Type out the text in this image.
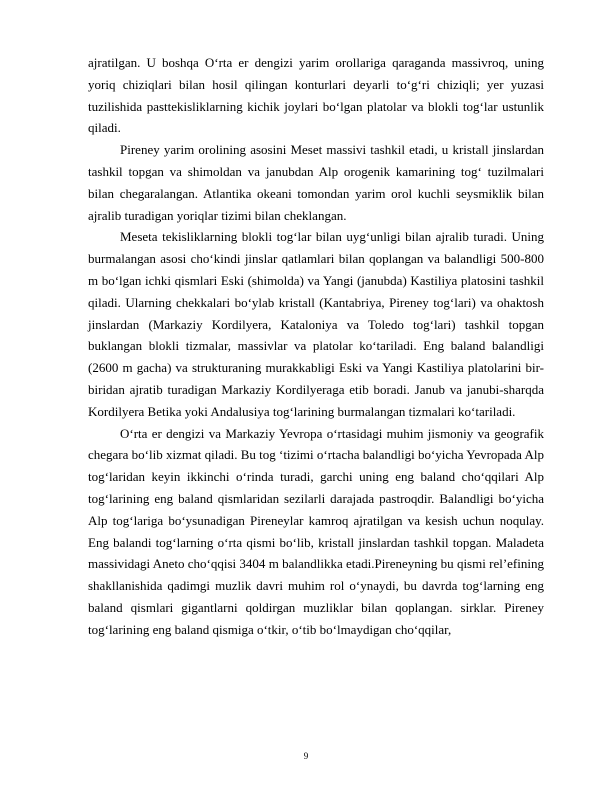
ajratilgan. U boshqa O‘rta er dengizi yarim orollariga qaraganda massivroq, uning yoriq chiziqlari bilan hosil qilingan konturlari deyarli to‘g‘ri chiziqli; yer yuzasi tuzilishida pasttekisliklarning kichik joylari bo‘lgan platolar va blokli tog‘lar ustunlik qiladi.

Pireney yarim orolining asosini Meset massivi tashkil etadi, u kristall jinslardan tashkil topgan va shimoldan va janubdan Alp orogenik kamarining tog‘ tuzilmalari bilan chegaralangan. Atlantika okeani tomondan yarim orol kuchli seysmiklik bilan ajralib turadigan yoriqlar tizimi bilan cheklangan.

Meseta tekisliklarning blokli tog‘lar bilan uyg‘unligi bilan ajralib turadi. Uning burmalangan asosi cho‘kindi jinslar qatlamlari bilan qoplangan va balandligi 500-800 m bo‘lgan ichki qismlari Eski (shimolda) va Yangi (janubda) Kastiliya platosini tashkil qiladi. Ularning chekkalari bo‘ylab kristall (Kantabriya, Pireney tog‘lari) va ohaktosh jinslardan (Markaziy Kordilyera, Kataloniya va Toledo tog‘lari) tashkil topgan buklangan blokli tizmalar, massivlar va platolar ko‘tariladi. Eng baland balandligi (2600 m gacha) va strukturaning murakkabligi Eski va Yangi Kastiliya platolarini bir-biridan ajratib turadigan Markaziy Kordilyeraga etib boradi. Janub va janubi-sharqda Kordilyera Betika yoki Andalusiya tog‘larining burmalangan tizmalari ko‘tariladi.

O‘rta er dengizi va Markaziy Yevropa o‘rtasidagi muhim jismoniy va geografik chegara bo‘lib xizmat qiladi. Bu tog ‘tizimi o‘rtacha balandligi bo‘yicha Yevropada Alp tog‘laridan keyin ikkinchi o‘rinda turadi, garchi uning eng baland cho‘qqilari Alp tog‘larining eng baland qismlaridan sezilarli darajada pastroqdir. Balandligi bo‘yicha Alp tog‘lariga bo‘ysunadigan Pireneylar kamroq ajratilgan va kesish uchun noqulay. Eng balandi tog‘larning o‘rta qismi bo‘lib, kristall jinslardan tashkil topgan. Maladeta massividagi Aneto cho‘qqisi 3404 m balandlikka etadi.Pireneyning bu qismi rel’efining shakllanishida qadimgi muzlik davri muhim rol o‘ynaydi, bu davrda tog‘larning eng baland qismlari gigantlarni qoldirgan muzliklar bilan qoplangan. sirklar. Pireney tog‘larining eng baland qismiga o‘tkir, o‘tib bo‘lmaydigan cho‘qqilar,

9
